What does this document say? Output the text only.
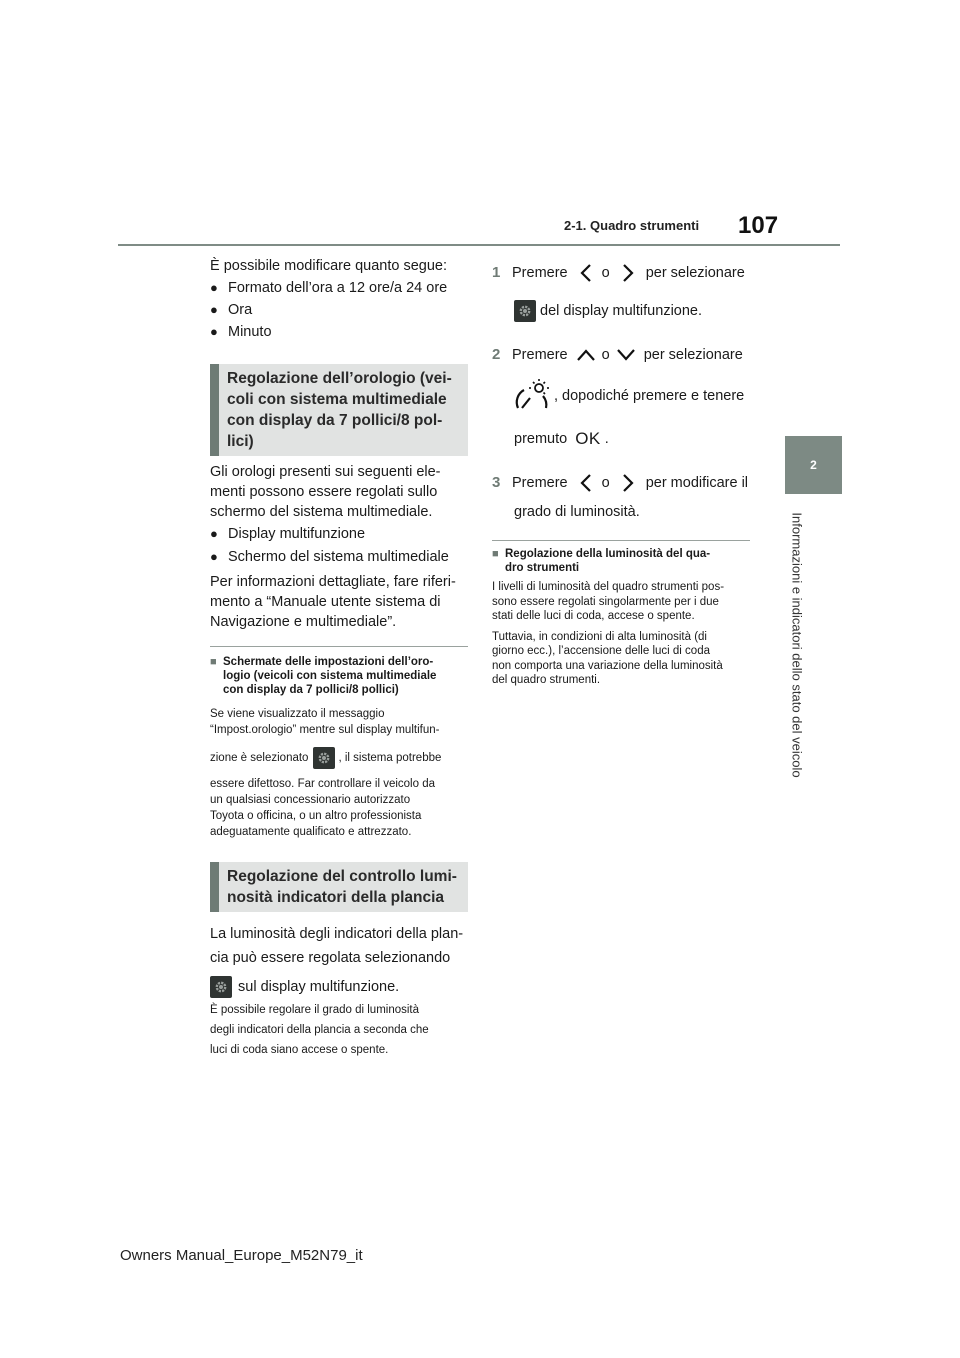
2-1. Quadro strumenti 107
2
Informazioni e indicatori dello stato del veicolo
È possibile modificare quanto segue:
● Formato dell’ora a 12 ore/a 24 ore
● Ora
● Minuto
Regolazione dell’orologio (vei-
coli con sistema multimediale
con display da 7 pollici/8 pol-
lici)
Gli orologi presenti sui seguenti ele-
menti possono essere regolati sullo
schermo del sistema multimediale.
● Display multifunzione
● Schermo del sistema multimediale
Per informazioni dettagliate, fare riferi-
mento a “Manuale utente sistema di
Navigazione e multimediale”.
■ Schermate delle impostazioni dell’oro-
logio (veicoli con sistema multimediale
con display da 7 pollici/8 pollici)
Se viene visualizzato il messaggio
“Impost.orologio” mentre sul display multifun-
zione è selezionato	, il sistema potrebbe
essere difettoso. Far controllare il veicolo da
un qualsiasi concessionario autorizzato
Toyota o officina, o un altro professionista
adeguatamente qualificato e attrezzato.
Regolazione del controllo lumi-
nosità indicatori della plancia
La luminosità degli indicatori della plan-
cia può essere regolata selezionando
sul display multifunzione.
È possibile regolare il grado di luminosità
degli indicatori della plancia a seconda che
luci di coda siano accese o spente.
1 Premere o per selezionare
del display multifunzione.
2 Premere o per selezionare
, dopodiché premere e tenere
premuto OK .
3 Premere o per modificare il
grado di luminosità.
■ Regolazione della luminosità del qua-
dro strumenti
I livelli di luminosità del quadro strumenti pos-
sono essere regolati singolarmente per i due
stati delle luci di coda, accese o spente.
Tuttavia, in condizioni di alta luminosità (di
giorno ecc.), l’accensione delle luci di coda
non comporta una variazione della luminosità
del quadro strumenti.
Owners Manual_Europe_M52N79_it
